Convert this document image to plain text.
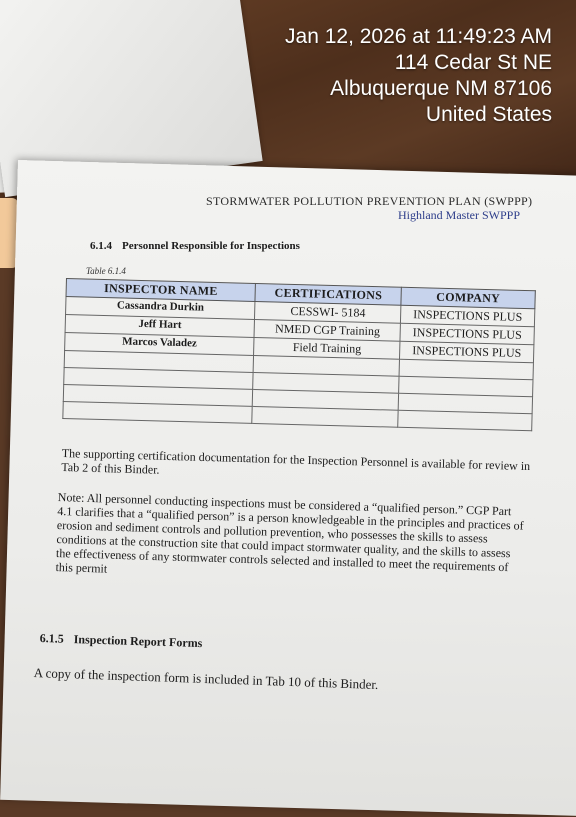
Jan 12, 2026 at 11:49:23 AM
114 Cedar St NE
Albuquerque NM 87106
United States
STORMWATER POLLUTION PREVENTION PLAN (SWPPP)
Highland Master SWPPP
6.1.4 Personnel Responsible for Inspections
Table 6.1.4
INSPECTOR NAME	CERTIFICATIONS	COMPANY
Cassandra Durkin	CESSWI- 5184	INSPECTIONS PLUS
Jeff Hart	NMED CGP Training	INSPECTIONS PLUS
Marcos Valadez	Field Training	INSPECTIONS PLUS

The supporting certification documentation for the Inspection Personnel is available for review in Tab 2 of this Binder.
Note: All personnel conducting inspections must be considered a “qualified person.” CGP Part 4.1 clarifies that a “qualified person” is a person knowledgeable in the principles and practices of erosion and sediment controls and pollution prevention, who possesses the skills to assess conditions at the construction site that could impact stormwater quality, and the skills to assess the effectiveness of any stormwater controls selected and installed to meet the requirements of this permit
6.1.5 Inspection Report Forms
A copy of the inspection form is included in Tab 10 of this Binder.
